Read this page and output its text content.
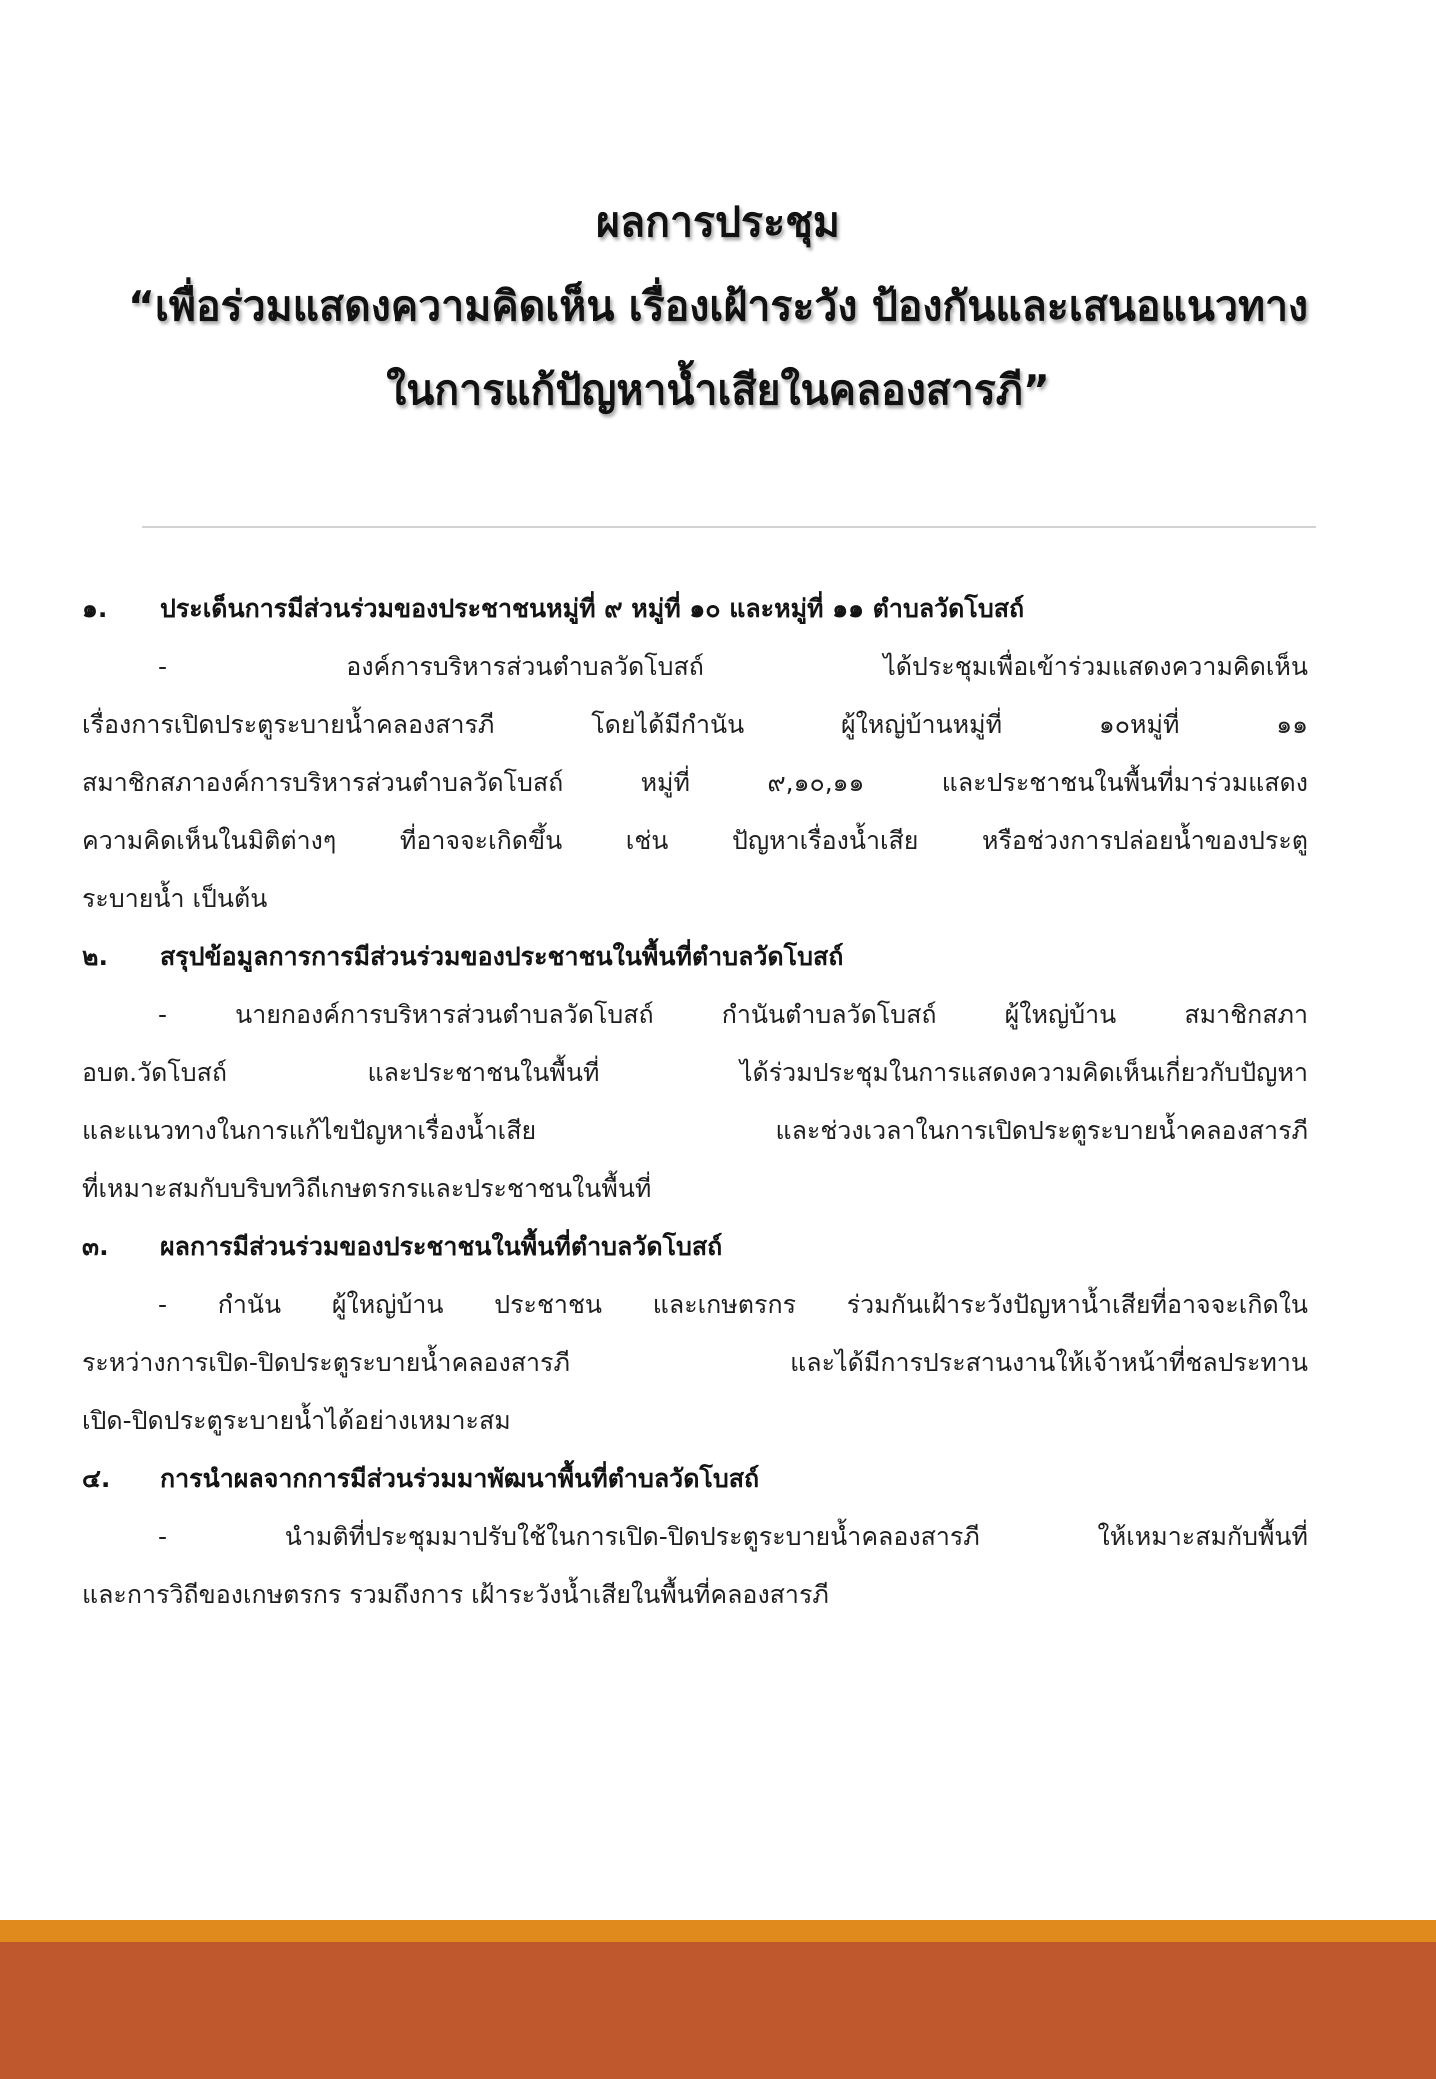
ผลการประชุม
“เพื่อร่วมแสดงความคิดเห็น เรื่องเฝ้าระวัง ป้องกันและเสนอแนวทาง
ในการแก้ปัญหาน้ำเสียในคลองสารภี”
๑.	ประเด็นการมีส่วนร่วมของประชาชนหมู่ที่ ๙ หมู่ที่ ๑๐ และหมู่ที่ ๑๑ ตำบลวัดโบสถ์
- องค์การบริหารส่วนตำบลวัดโบสถ์ ได้ประชุมเพื่อเข้าร่วมแสดงความคิดเห็น
เรื่องการเปิดประตูระบายน้ำคลองสารภี โดยได้มีกำนัน ผู้ใหญ่บ้านหมู่ที่ ๑๐หมู่ที่ ๑๑
สมาชิกสภาองค์การบริหารส่วนตำบลวัดโบสถ์ หมู่ที่ ๙,๑๐,๑๑ และประชาชนในพื้นที่มาร่วมแสดง
ความคิดเห็นในมิติต่างๆ ที่อาจจะเกิดขึ้น เช่น ปัญหาเรื่องน้ำเสีย หรือช่วงการปล่อยน้ำของประตู
ระบายน้ำ เป็นต้น
๒.	สรุปข้อมูลการการมีส่วนร่วมของประชาชนในพื้นที่ตำบลวัดโบสถ์
- นายกองค์การบริหารส่วนตำบลวัดโบสถ์ กำนันตำบลวัดโบสถ์ ผู้ใหญ่บ้าน สมาชิกสภา
อบต.วัดโบสถ์ และประชาชนในพื้นที่ ได้ร่วมประชุมในการแสดงความคิดเห็นเกี่ยวกับปัญหา
และแนวทางในการแก้ไขปัญหาเรื่องน้ำเสีย และช่วงเวลาในการเปิดประตูระบายน้ำคลองสารภี
ที่เหมาะสมกับบริบทวิถีเกษตรกรและประชาชนในพื้นที่
๓.	ผลการมีส่วนร่วมของประชาชนในพื้นที่ตำบลวัดโบสถ์
- กำนัน ผู้ใหญ่บ้าน ประชาชน และเกษตรกร ร่วมกันเฝ้าระวังปัญหาน้ำเสียที่อาจจะเกิดใน
ระหว่างการเปิด-ปิดประตูระบายน้ำคลองสารภี และได้มีการประสานงานให้เจ้าหน้าที่ชลประทาน
เปิด-ปิดประตูระบายน้ำได้อย่างเหมาะสม
๔.	การนำผลจากการมีส่วนร่วมมาพัฒนาพื้นที่ตำบลวัดโบสถ์
- นำมติที่ประชุมมาปรับใช้ในการเปิด-ปิดประตูระบายน้ำคลองสารภี ให้เหมาะสมกับพื้นที่
และการวิถีของเกษตรกร รวมถึงการ เฝ้าระวังน้ำเสียในพื้นที่คลองสารภี
